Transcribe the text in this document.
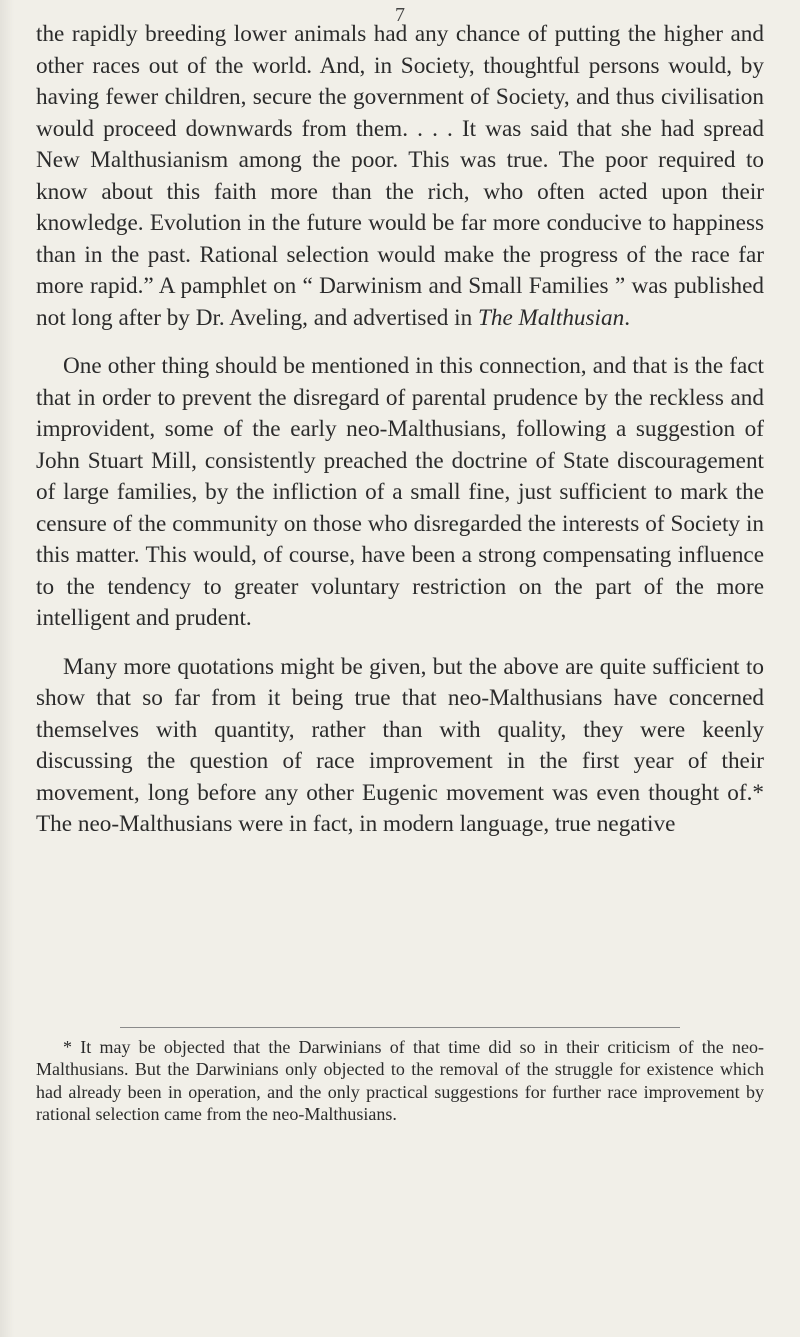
7

the rapidly breeding lower animals had any chance of putting the higher and other races out of the world. And, in Society, thoughtful persons would, by having fewer children, secure the government of Society, and thus civilisation would proceed downwards from them. . . . It was said that she had spread New Malthusianism among the poor. This was true. The poor required to know about this faith more than the rich, who often acted upon their knowledge. Evolution in the future would be far more conducive to happiness than in the past. Rational selection would make the progress of the race far more rapid.” A pamphlet on “ Darwinism and Small Families ” was published not long after by Dr. Aveling, and advertised in The Malthusian.

One other thing should be mentioned in this connection, and that is the fact that in order to prevent the disregard of parental prudence by the reckless and improvident, some of the early neo-Malthusians, following a suggestion of John Stuart Mill, consistently preached the doctrine of State discouragement of large families, by the infliction of a small fine, just sufficient to mark the censure of the community on those who disregarded the interests of Society in this matter. This would, of course, have been a strong compensating influence to the tendency to greater voluntary restriction on the part of the more intelligent and prudent.

Many more quotations might be given, but the above are quite sufficient to show that so far from it being true that neo-Malthusians have concerned themselves with quantity, rather than with quality, they were keenly discussing the question of race improvement in the first year of their movement, long before any other Eugenic movement was even thought of.* The neo-Malthusians were in fact, in modern language, true negative

* It may be objected that the Darwinians of that time did so in their criticism of the neo-Malthusians. But the Darwinians only objected to the removal of the struggle for existence which had already been in operation, and the only practical suggestions for further race improvement by rational selection came from the neo-Malthusians.
